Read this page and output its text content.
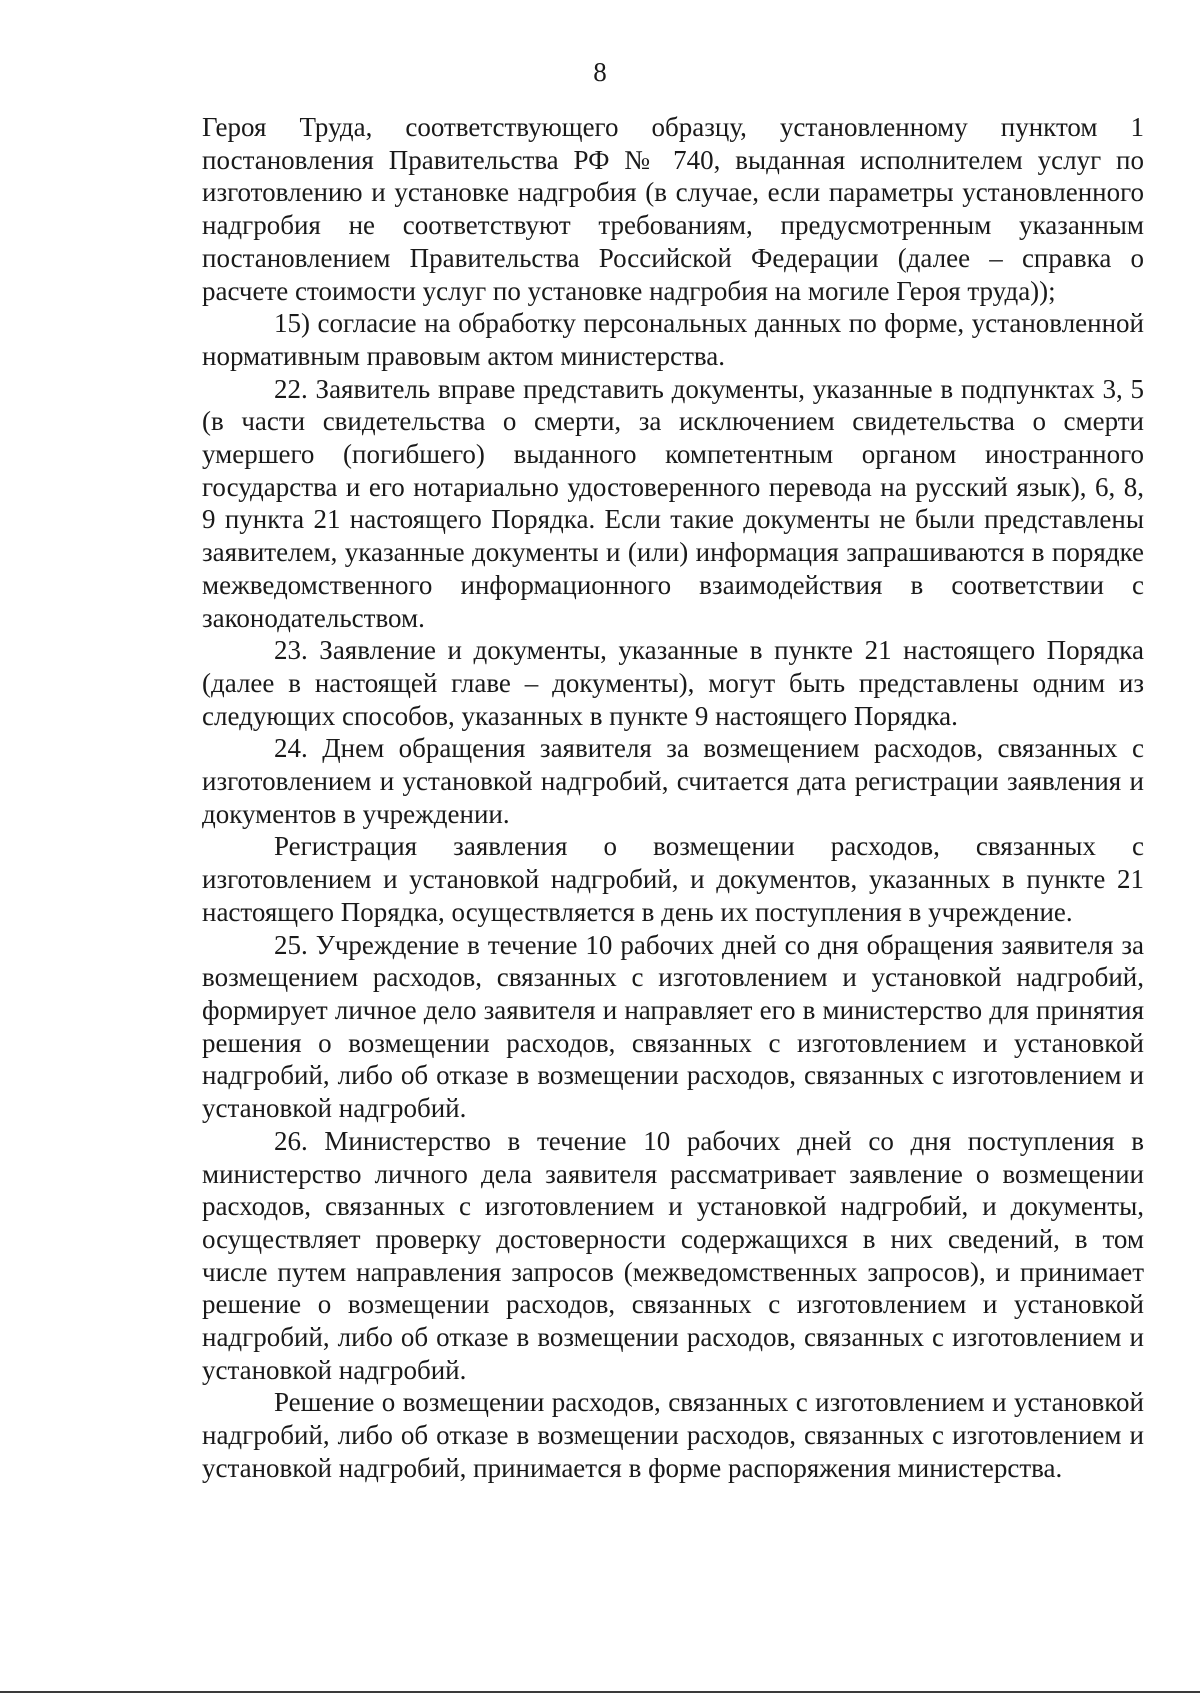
8

Героя Труда, соответствующего образцу, установленному пунктом 1 постановления Правительства РФ № 740, выданная исполнителем услуг по изготовлению и установке надгробия (в случае, если параметры установленного надгробия не соответствуют требованиям, предусмотренным указанным постановлением Правительства Российской Федерации (далее – справка о расчете стоимости услуг по установке надгробия на могиле Героя труда));

15) согласие на обработку персональных данных по форме, установленной нормативным правовым актом министерства.

22. Заявитель вправе представить документы, указанные в подпунктах 3, 5 (в части свидетельства о смерти, за исключением свидетельства о смерти умершего (погибшего) выданного компетентным органом иностранного государства и его нотариально удостоверенного перевода на русский язык), 6, 8, 9 пункта 21 настоящего Порядка. Если такие документы не были представлены заявителем, указанные документы и (или) информация запрашиваются в порядке межведомственного информационного взаимодействия в соответствии с законодательством.

23. Заявление и документы, указанные в пункте 21 настоящего Порядка (далее в настоящей главе – документы), могут быть представлены одним из следующих способов, указанных в пункте 9 настоящего Порядка.

24. Днем обращения заявителя за возмещением расходов, связанных с изготовлением и установкой надгробий, считается дата регистрации заявления и документов в учреждении.

Регистрация заявления о возмещении расходов, связанных с изготовлением и установкой надгробий, и документов, указанных в пункте 21 настоящего Порядка, осуществляется в день их поступления в учреждение.

25. Учреждение в течение 10 рабочих дней со дня обращения заявителя за возмещением расходов, связанных с изготовлением и установкой надгробий, формирует личное дело заявителя и направляет его в министерство для принятия решения о возмещении расходов, связанных с изготовлением и установкой надгробий, либо об отказе в возмещении расходов, связанных с изготовлением и установкой надгробий.

26. Министерство в течение 10 рабочих дней со дня поступления в министерство личного дела заявителя рассматривает заявление о возмещении расходов, связанных с изготовлением и установкой надгробий, и документы, осуществляет проверку достоверности содержащихся в них сведений, в том числе путем направления запросов (межведомственных запросов), и принимает решение о возмещении расходов, связанных с изготовлением и установкой надгробий, либо об отказе в возмещении расходов, связанных с изготовлением и установкой надгробий.

Решение о возмещении расходов, связанных с изготовлением и установкой надгробий, либо об отказе в возмещении расходов, связанных с изготовлением и установкой надгробий, принимается в форме распоряжения министерства.
